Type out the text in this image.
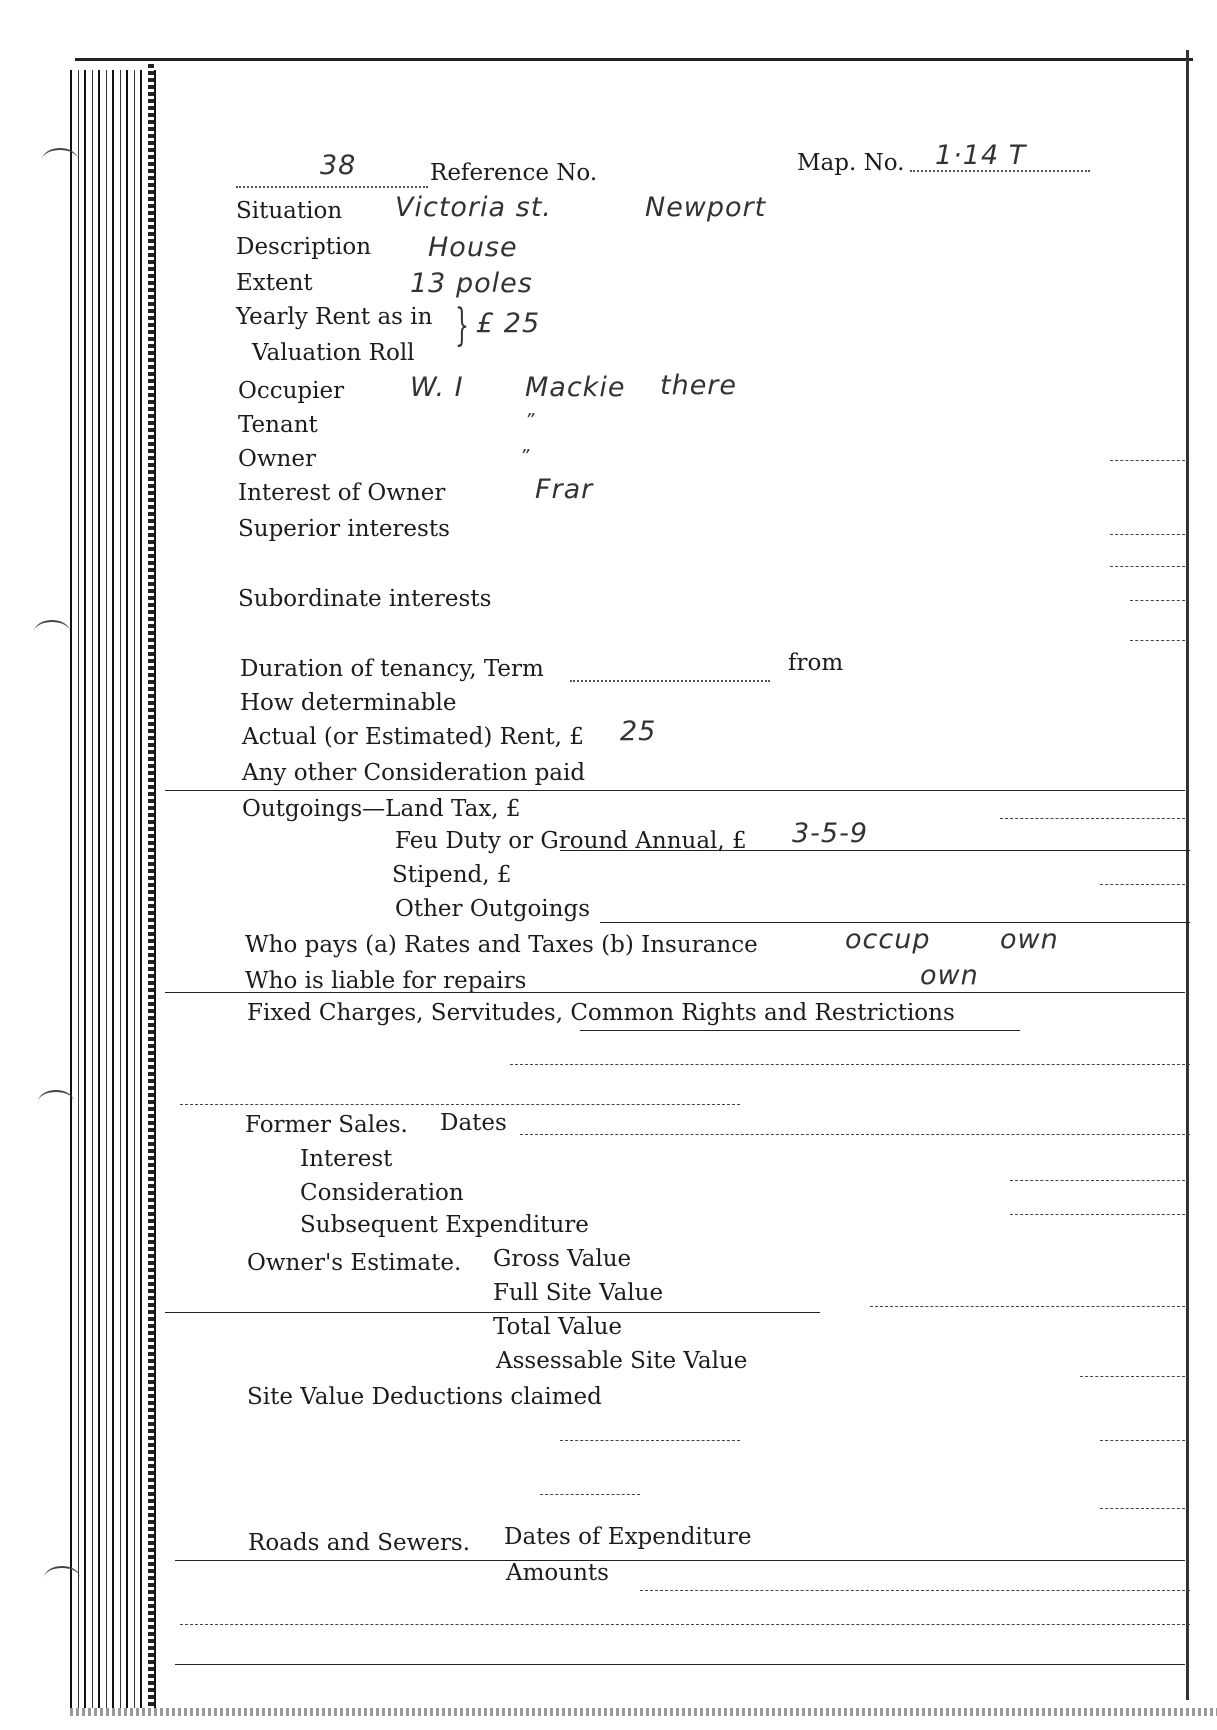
38	Reference No.	Map. No. 1·14 T
Situation Victoria st.	Newport
Description House
Extent	13 poles
Yearly Rent as in
Valuation Roll
} £ 25
Occupier W. I Mackie there
Tenant	”
Owner	”
Interest of Owner	Frar
Superior interests
Subordinate interests
Duration of tenancy, Term	from
How determinable
Actual (or Estimated) Rent, £ 25
Any other Consideration paid
Outgoings—Land Tax, £
Feu Duty or Ground Annual, £ 3-5-9
Stipend, £
Other Outgoings
Who pays (a) Rates and Taxes (b) Insurance	occup	own
Who is liable for repairs	own
Fixed Charges, Servitudes, Common Rights and Restrictions
Former Sales. Dates
Interest
Consideration
Subsequent Expenditure
Owner's Estimate. Gross Value
Full Site Value
Total Value
Assessable Site Value
Site Value Deductions claimed
Roads and Sewers. Dates of Expenditure
Amounts
